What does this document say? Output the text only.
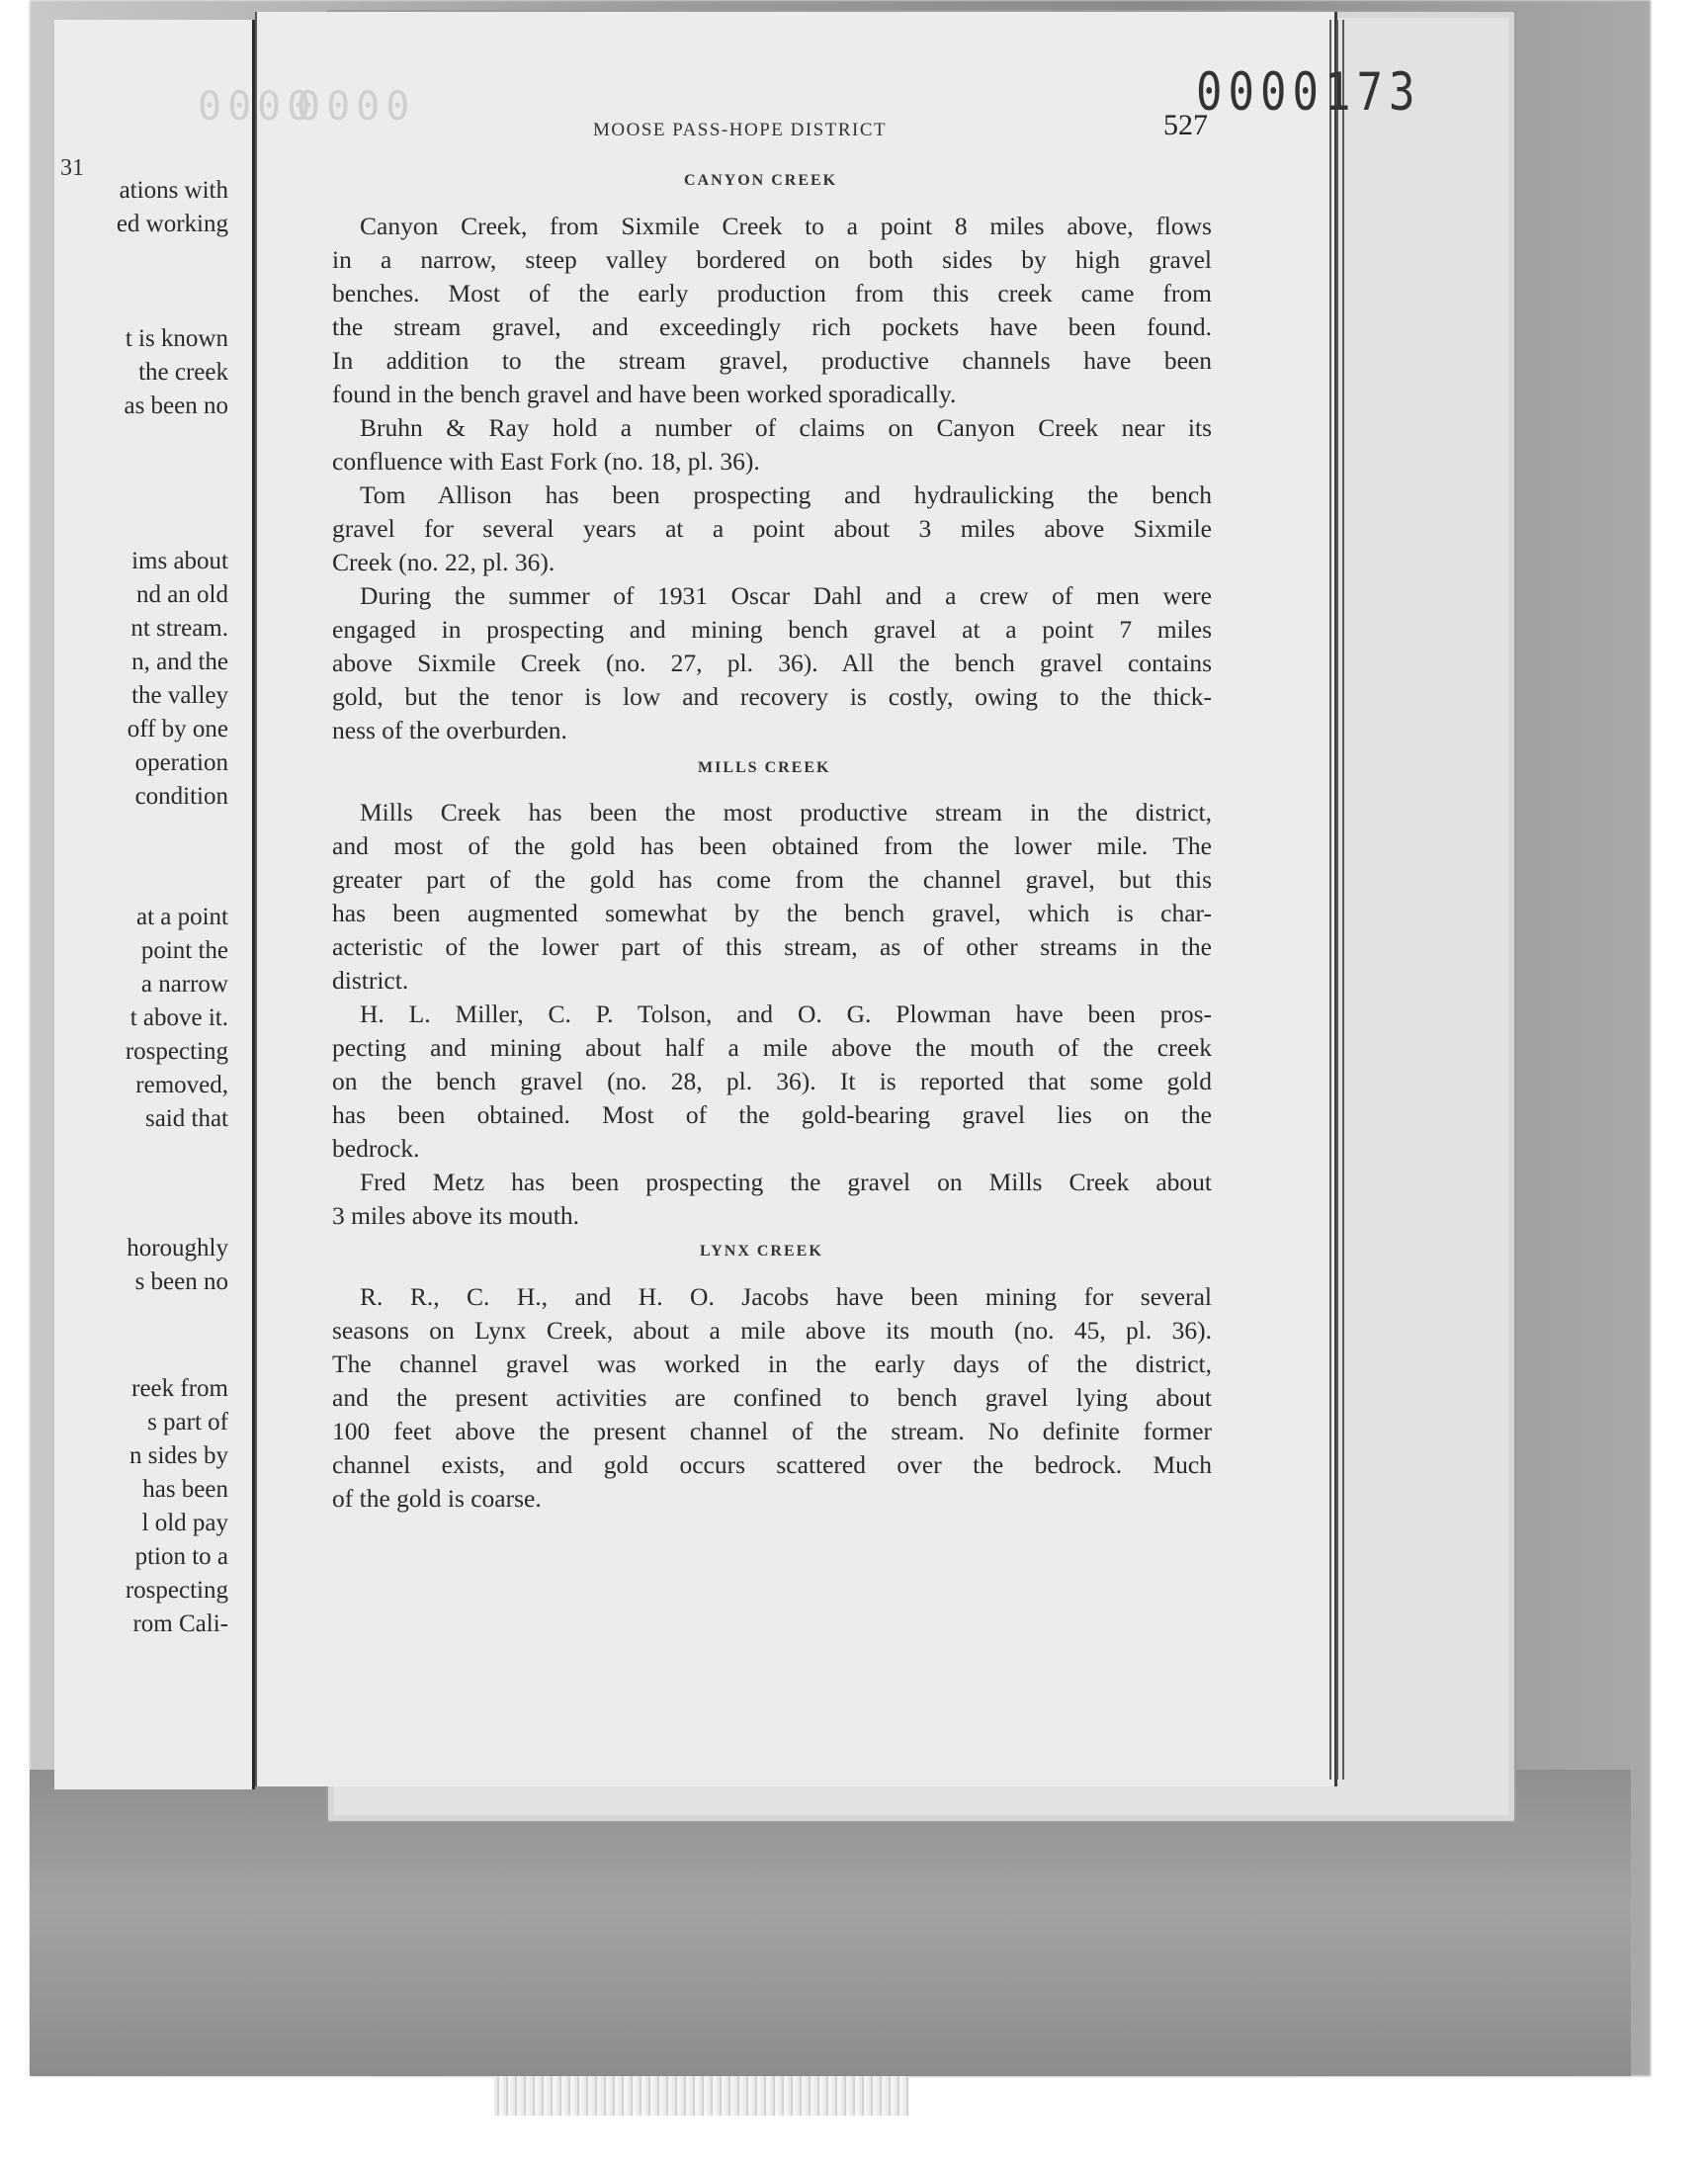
31
ations with
ed working
t is known
the creek
as been no
ims about
nd an old
nt stream.
n, and the
the valley
off by one
operation
condition
at a point
point the
a narrow
t above it.
rospecting
removed,
said that
horoughly
s been no
reek from
s part of
n sides by
has been
l old pay
ption to a
rospecting
rom Cali-
0000
0000	0000173
MOOSE PASS-HOPE DISTRICT	527
CANYON CREEK
Canyon Creek, from Sixmile Creek to a point 8 miles above, flows
in a narrow, steep valley bordered on both sides by high gravel
benches. Most of the early production from this creek came from
the stream gravel, and exceedingly rich pockets have been found.
In addition to the stream gravel, productive channels have been
found in the bench gravel and have been worked sporadically.
Bruhn & Ray hold a number of claims on Canyon Creek near its
confluence with East Fork (no. 18, pl. 36).
Tom Allison has been prospecting and hydraulicking the bench
gravel for several years at a point about 3 miles above Sixmile
Creek (no. 22, pl. 36).
During the summer of 1931 Oscar Dahl and a crew of men were
engaged in prospecting and mining bench gravel at a point 7 miles
above Sixmile Creek (no. 27, pl. 36). All the bench gravel contains
gold, but the tenor is low and recovery is costly, owing to the thick-
ness of the overburden.
MILLS CREEK
Mills Creek has been the most productive stream in the district,
and most of the gold has been obtained from the lower mile. The
greater part of the gold has come from the channel gravel, but this
has been augmented somewhat by the bench gravel, which is char-
acteristic of the lower part of this stream, as of other streams in the
district.
H. L. Miller, C. P. Tolson, and O. G. Plowman have been pros-
pecting and mining about half a mile above the mouth of the creek
on the bench gravel (no. 28, pl. 36). It is reported that some gold
has been obtained. Most of the gold-bearing gravel lies on the
bedrock.
Fred Metz has been prospecting the gravel on Mills Creek about
3 miles above its mouth.
LYNX CREEK
R. R., C. H., and H. O. Jacobs have been mining for several
seasons on Lynx Creek, about a mile above its mouth (no. 45, pl. 36).
The channel gravel was worked in the early days of the district,
and the present activities are confined to bench gravel lying about
100 feet above the present channel of the stream. No definite former
channel exists, and gold occurs scattered over the bedrock. Much
of the gold is coarse.
